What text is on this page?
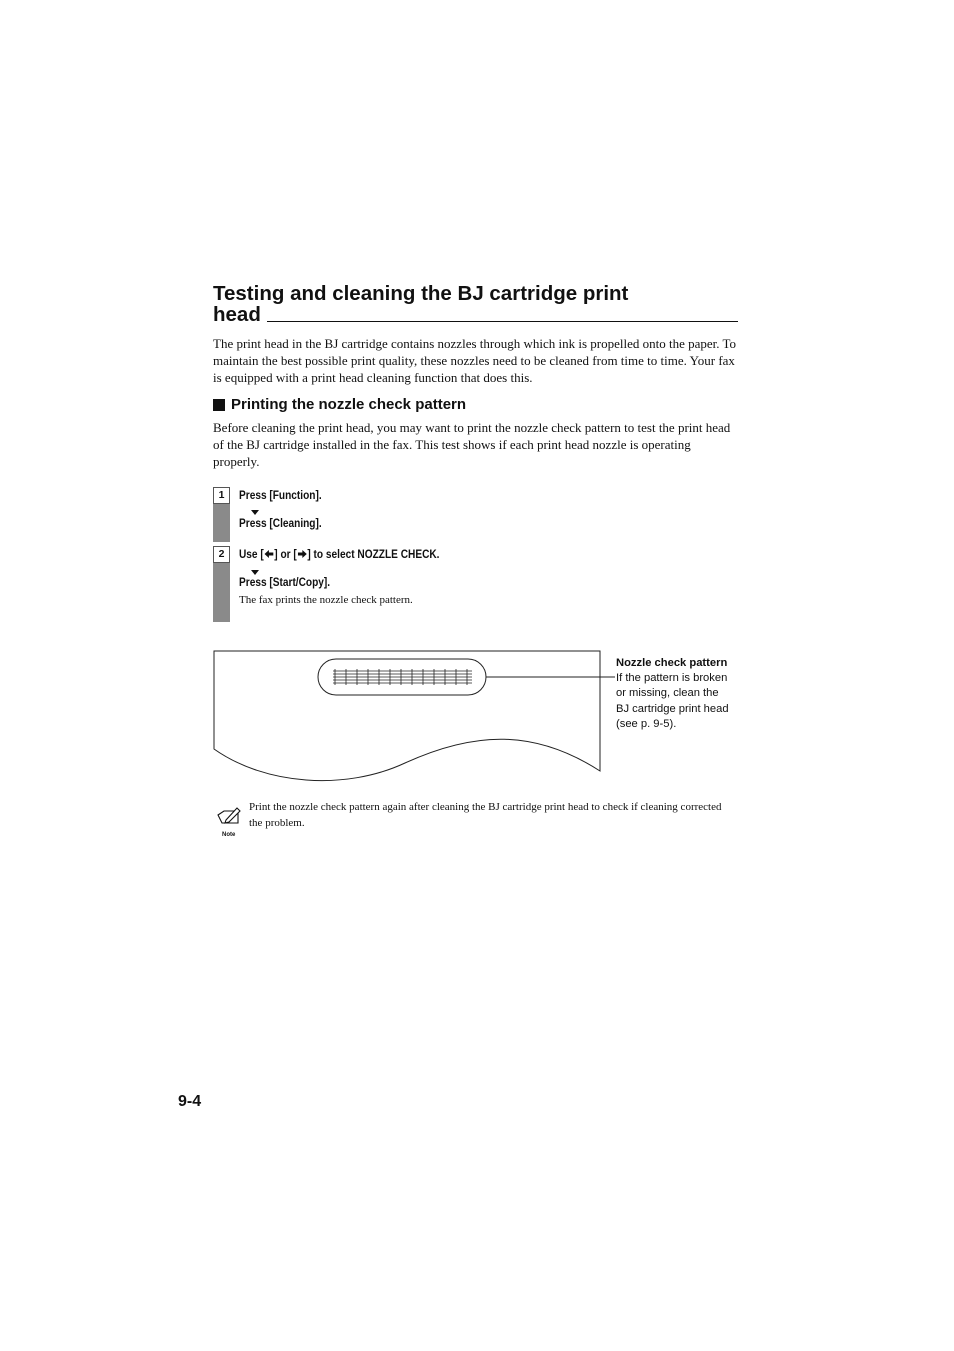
Testing and cleaning the BJ cartridge print
head
The print head in the BJ cartridge contains nozzles through which ink is propelled onto the paper. To maintain the best possible print quality, these nozzles need to be cleaned from time to time. Your fax is equipped with a print head cleaning function that does this.
Printing the nozzle check pattern
Before cleaning the print head, you may want to print the nozzle check pattern to test the print head of the BJ cartridge installed in the fax. This test shows if each print head nozzle is operating properly.
1	Press [Function].
Press [Cleaning].
2	Use [ ] or [ ] to select NOZZLE CHECK.
Press [Start/Copy].
The fax prints the nozzle check pattern.
Nozzle check pattern
If the pattern is broken
or missing, clean the
BJ cartridge print head
(see p. 9-5).
Note
Print the nozzle check pattern again after cleaning the BJ cartridge print head to check if cleaning corrected the problem.
9-4
